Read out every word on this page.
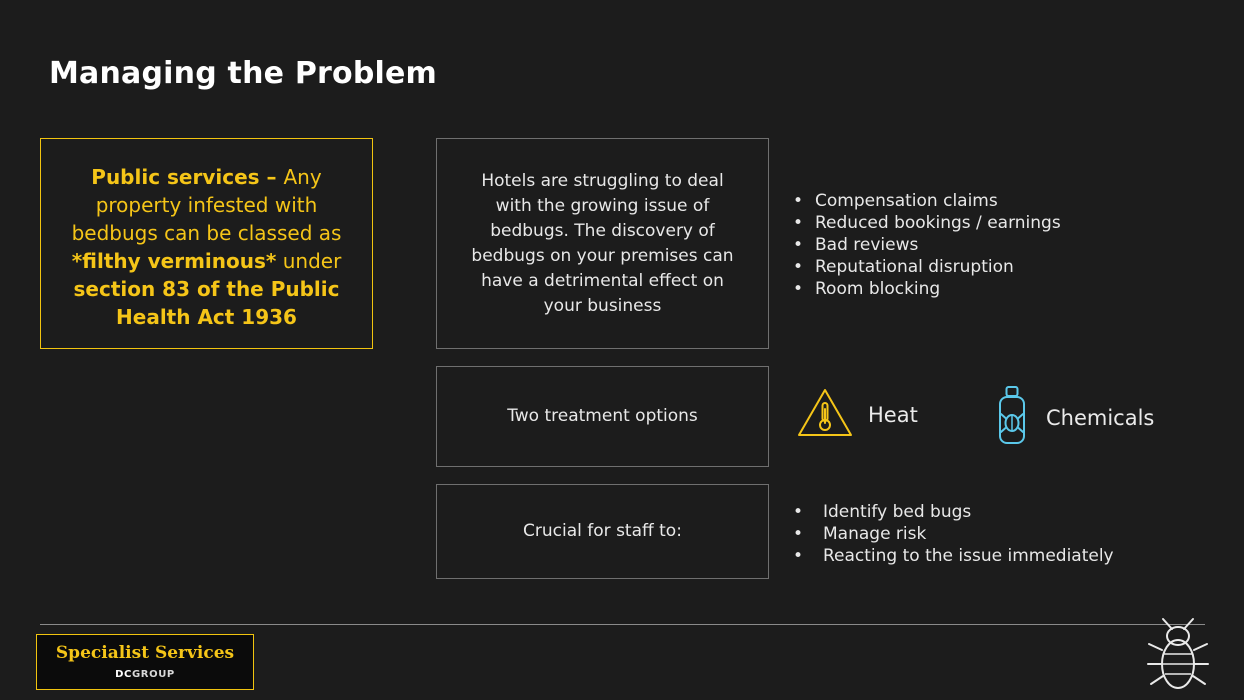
Managing the Problem
Public services – Any property infested with bedbugs can be classed as *filthy verminous* under section 83 of the Public Health Act 1936
Hotels are struggling to deal with the growing issue of bedbugs. The discovery of bedbugs on your premises can have a detrimental effect on your business
• Compensation claims
• Reduced bookings / earnings
• Bad reviews
• Reputational disruption
• Room blocking
Two treatment options	Heat	Chemicals
Crucial for staff to:
•	Identify bed bugs
•	Manage risk
•	Reacting to the issue immediately
Specialist Services
DCGROUP
